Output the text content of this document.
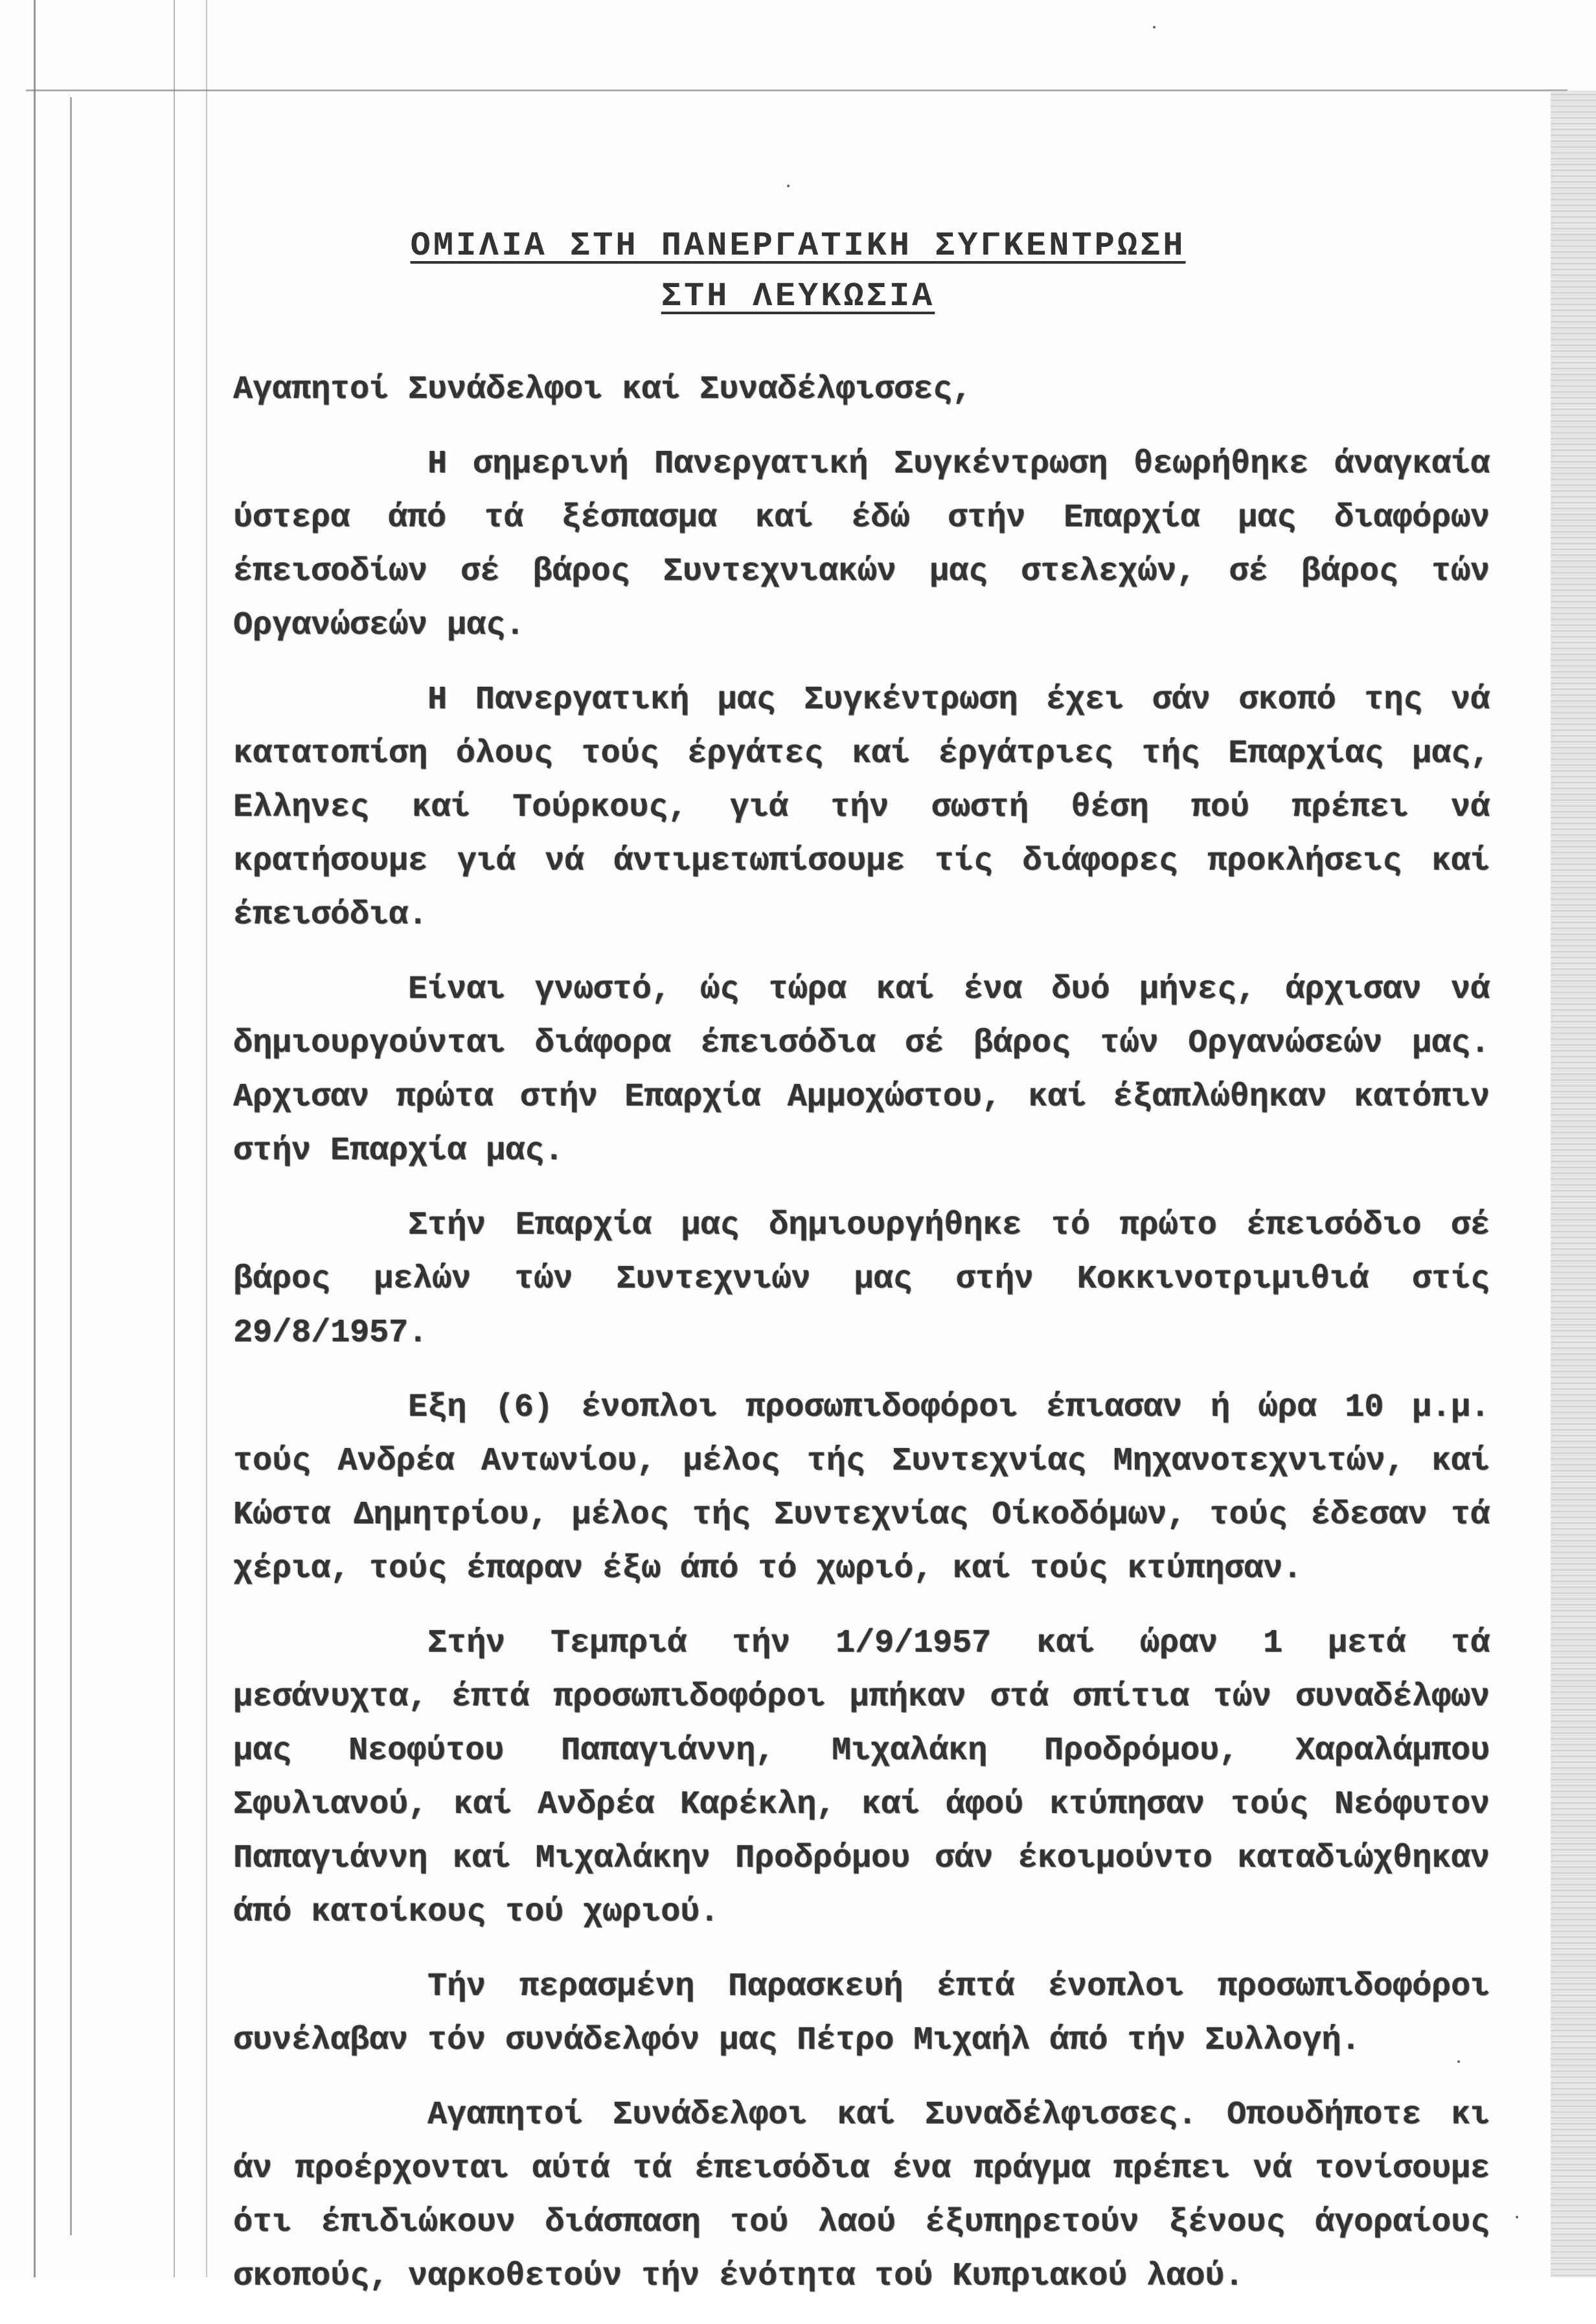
ΟΜΙΛΙΑ ΣΤΗ ΠΑΝΕΡΓΑΤΙΚΗ ΣΥΓΚΕΝΤΡΩΣΗ
ΣΤΗ ΛΕΥΚΩΣΙΑ

Αγαπητοί Συνάδελφοι καί Συναδέλφισσες,

Η σημερινή Πανεργατική Συγκέντρωση θεωρήθηκε άναγκαία ύστερα άπό τά ξέσπασμα καί έδώ στήν Επαρχία μας διαφόρων έπεισοδίων σέ βάρος Συντεχνιακών μας στελεχών, σέ βάρος τών Οργανώσεών μας.

Η Πανεργατική μας Συγκέντρωση έχει σάν σκοπό της νά κατατοπίση όλους τούς έργάτες καί έργάτριες τής Επαρχίας μας, Ελληνες καί Τούρκους, γιά τήν σωστή θέση πού πρέπει νά κρατήσουμε γιά νά άντιμετωπίσουμε τίς διάφορες προκλήσεις καί έπεισόδια.

Είναι γνωστό, ώς τώρα καί ένα δυό μήνες, άρχισαν νά δημιουργούνται διάφορα έπεισόδια σέ βάρος τών Οργανώσεών μας. Αρχισαν πρώτα στήν Επαρχία Αμμοχώστου, καί έξαπλώθηκαν κατόπιν στήν Επαρχία μας.

Στήν Επαρχία μας δημιουργήθηκε τό πρώτο έπεισόδιο σέ βάρος μελών τών Συντεχνιών μας στήν Κοκκινοτριμιθιά στίς 29/8/1957.

Εξη (6) ένοπλοι προσωπιδοφόροι έπιασαν ή ώρα 10 μ.μ. τούς Ανδρέα Αντωνίου, μέλος τής Συντεχνίας Μηχανοτεχνιτών, καί Κώστα Δημητρίου, μέλος τής Συντεχνίας Οίκοδόμων, τούς έδεσαν τά χέρια, τούς έπαραν έξω άπό τό χωριό, καί τούς κτύπησαν.

Στήν Τεμπριά τήν 1/9/1957 καί ώραν 1 μετά τά μεσάνυχτα, έπτά προσωπιδοφόροι μπήκαν στά σπίτια τών συναδέλφων μας Νεοφύτου Παπαγιάννη, Μιχαλάκη Προδρόμου, Χαραλάμπου Σφυλιανού, καί Ανδρέα Καρέκλη, καί άφού κτύπησαν τούς Νεόφυτον Παπαγιάννη καί Μιχαλάκην Προδρόμου σάν έκοιμούντο καταδιώχθηκαν άπό κατοίκους τού χωριού.

Τήν περασμένη Παρασκευή έπτά ένοπλοι προσωπιδοφόροι συνέλαβαν τόν συνάδελφόν μας Πέτρο Μιχαήλ άπό τήν Συλλογή.

Αγαπητοί Συνάδελφοι καί Συναδέλφισσες. Οπουδήποτε κι άν προέρχονται αύτά τά έπεισόδια ένα πράγμα πρέπει νά τονίσουμε ότι έπιδιώκουν διάσπαση τού λαού έξυπηρετούν ξένους άγοραίους σκοπούς, ναρκοθετούν τήν ένότητα τού Κυπριακού λαού.
